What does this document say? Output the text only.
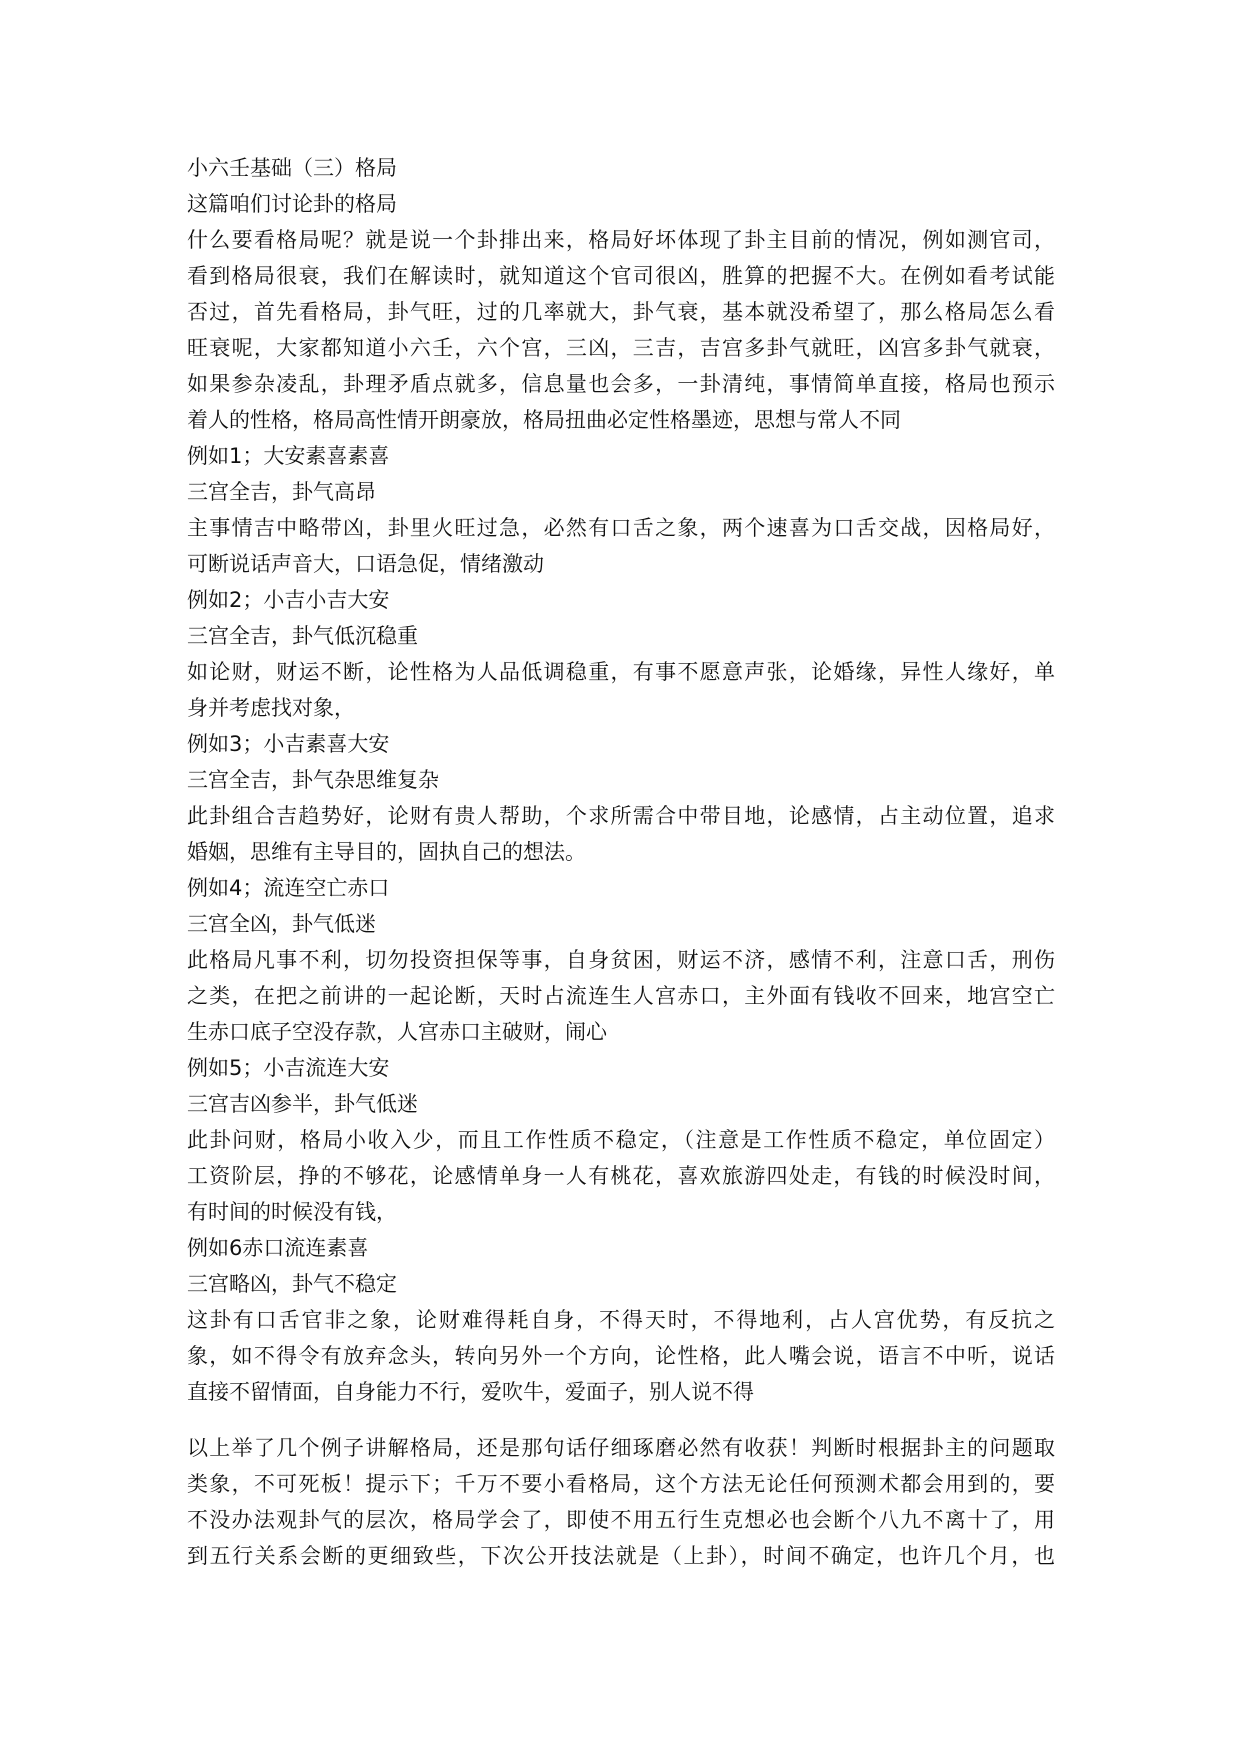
小六壬基础（三）格局

这篇咱们讨论卦的格局

什么要看格局呢？就是说一个卦排出来，格局好坏体现了卦主目前的情况，例如测官司，

看到格局很衰，我们在解读时，就知道这个官司很凶，胜算的把握不大。在例如看考试能

否过，首先看格局，卦气旺，过的几率就大，卦气衰，基本就没希望了，那么格局怎么看

旺衰呢，大家都知道小六壬，六个宫，三凶，三吉，吉宫多卦气就旺，凶宫多卦气就衰，

如果参杂凌乱，卦理矛盾点就多，信息量也会多，一卦清纯，事情简单直接，格局也预示

着人的性格，格局高性情开朗豪放，格局扭曲必定性格墨迹，思想与常人不同

例如1；大安素喜素喜

三宫全吉，卦气高昂

主事情吉中略带凶，卦里火旺过急，必然有口舌之象，两个速喜为口舌交战，因格局好，

可断说话声音大，口语急促，情绪激动

例如2；小吉小吉大安

三宫全吉，卦气低沉稳重

如论财，财运不断，论性格为人品低调稳重，有事不愿意声张，论婚缘，异性人缘好，单

身并考虑找对象，

例如3；小吉素喜大安

三宫全吉，卦气杂思维复杂

此卦组合吉趋势好，论财有贵人帮助，个求所需合中带目地，论感情，占主动位置，追求

婚姻，思维有主导目的，固执自己的想法。

例如4；流连空亡赤口

三宫全凶，卦气低迷

此格局凡事不利，切勿投资担保等事，自身贫困，财运不济，感情不利，注意口舌，刑伤

之类，在把之前讲的一起论断，天时占流连生人宫赤口，主外面有钱收不回来，地宫空亡

生赤口底子空没存款，人宫赤口主破财，闹心

例如5；小吉流连大安

三宫吉凶参半，卦气低迷

此卦问财，格局小收入少，而且工作性质不稳定，（注意是工作性质不稳定，单位固定）

工资阶层，挣的不够花，论感情单身一人有桃花，喜欢旅游四处走，有钱的时候没时间，

有时间的时候没有钱，

例如6赤口流连素喜

三宫略凶，卦气不稳定

这卦有口舌官非之象，论财难得耗自身，不得天时，不得地利，占人宫优势，有反抗之

象，如不得令有放弃念头，转向另外一个方向，论性格，此人嘴会说，语言不中听，说话

直接不留情面，自身能力不行，爱吹牛，爱面子，别人说不得

以上举了几个例子讲解格局，还是那句话仔细琢磨必然有收获！判断时根据卦主的问题取

类象，不可死板！提示下；千万不要小看格局，这个方法无论任何预测术都会用到的，要

不没办法观卦气的层次，格局学会了，即使不用五行生克想必也会断个八九不离十了，用

到五行关系会断的更细致些，下次公开技法就是（上卦），时间不确定，也许几个月，也
